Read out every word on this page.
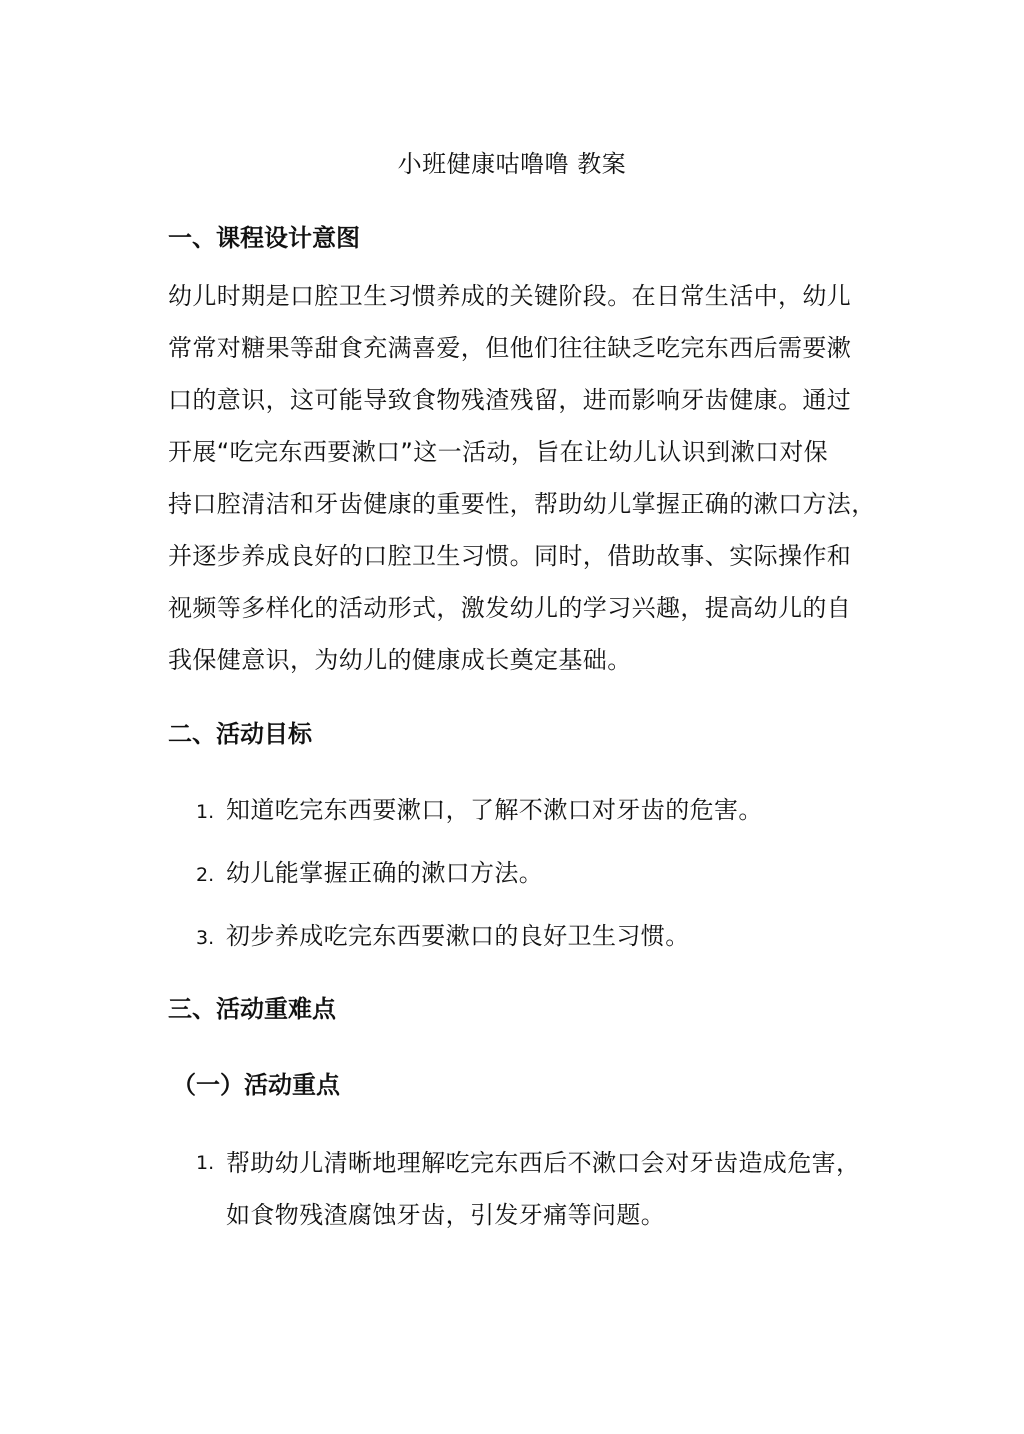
小班健康咕噜噜 教案
一、课程设计意图
幼儿时期是口腔卫生习惯养成的关键阶段。在日常生活中，幼儿
常常对糖果等甜食充满喜爱，但他们往往缺乏吃完东西后需要漱
口的意识，这可能导致食物残渣残留，进而影响牙齿健康。通过
开展“吃完东西要漱口”这一活动，旨在让幼儿认识到漱口对保
持口腔清洁和牙齿健康的重要性，帮助幼儿掌握正确的漱口方法，
并逐步养成良好的口腔卫生习惯。同时，借助故事、实际操作和
视频等多样化的活动形式，激发幼儿的学习兴趣，提高幼儿的自
我保健意识，为幼儿的健康成长奠定基础。
二、活动目标
1. 知道吃完东西要漱口，了解不漱口对牙齿的危害。
2. 幼儿能掌握正确的漱口方法。
3. 初步养成吃完东西要漱口的良好卫生习惯。
三、活动重难点
（一）活动重点
1. 帮助幼儿清晰地理解吃完东西后不漱口会对牙齿造成危害，
如食物残渣腐蚀牙齿，引发牙痛等问题。
